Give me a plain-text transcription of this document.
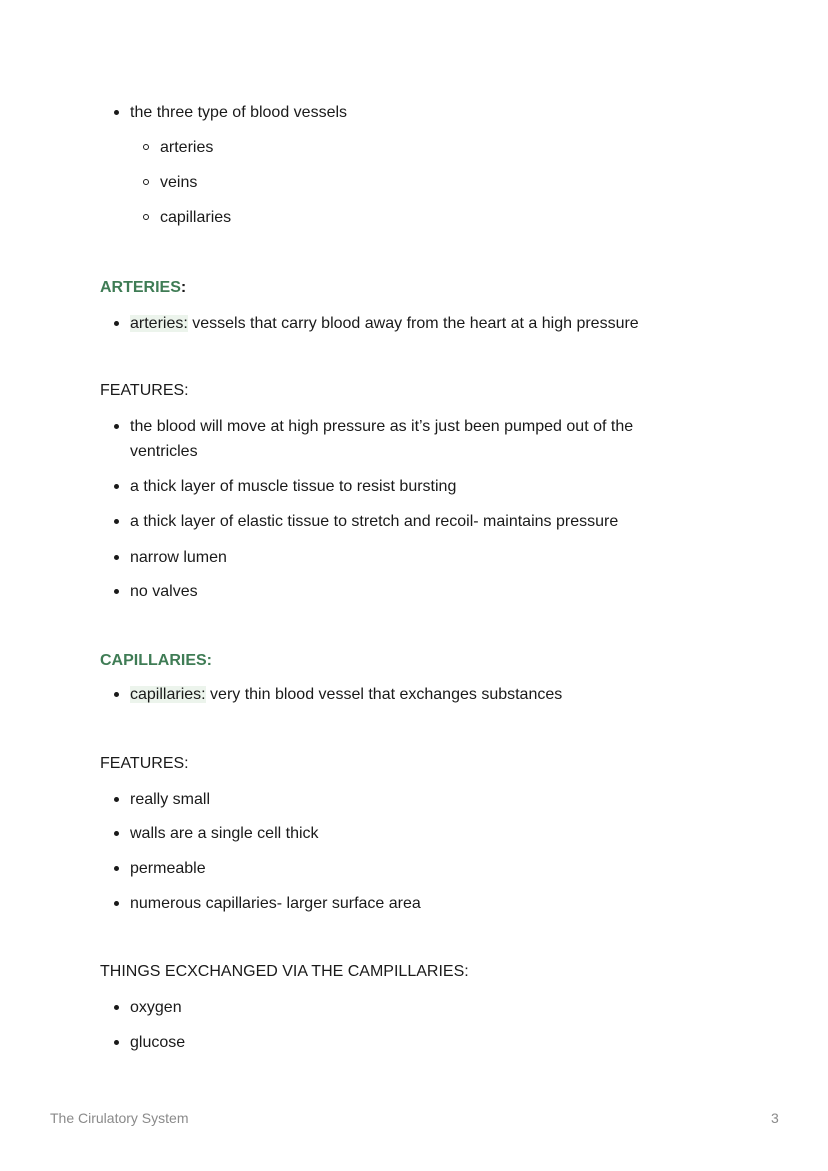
the three type of blood vessels
arteries
veins
capillaries
ARTERIES:
arteries: vessels that carry blood away from the heart at a high pressure
FEATURES:
the blood will move at high pressure as it’s just been pumped out of the
ventricles
a thick layer of muscle tissue to resist bursting
a thick layer of elastic tissue to stretch and recoil- maintains pressure
narrow lumen
no valves
CAPILLARIES:
capillaries: very thin blood vessel that exchanges substances
FEATURES:
really small
walls are a single cell thick
permeable
numerous capillaries- larger surface area
THINGS ECXCHANGED VIA THE CAMPILLARIES:
oxygen
glucose
The Cirulatory System	3
